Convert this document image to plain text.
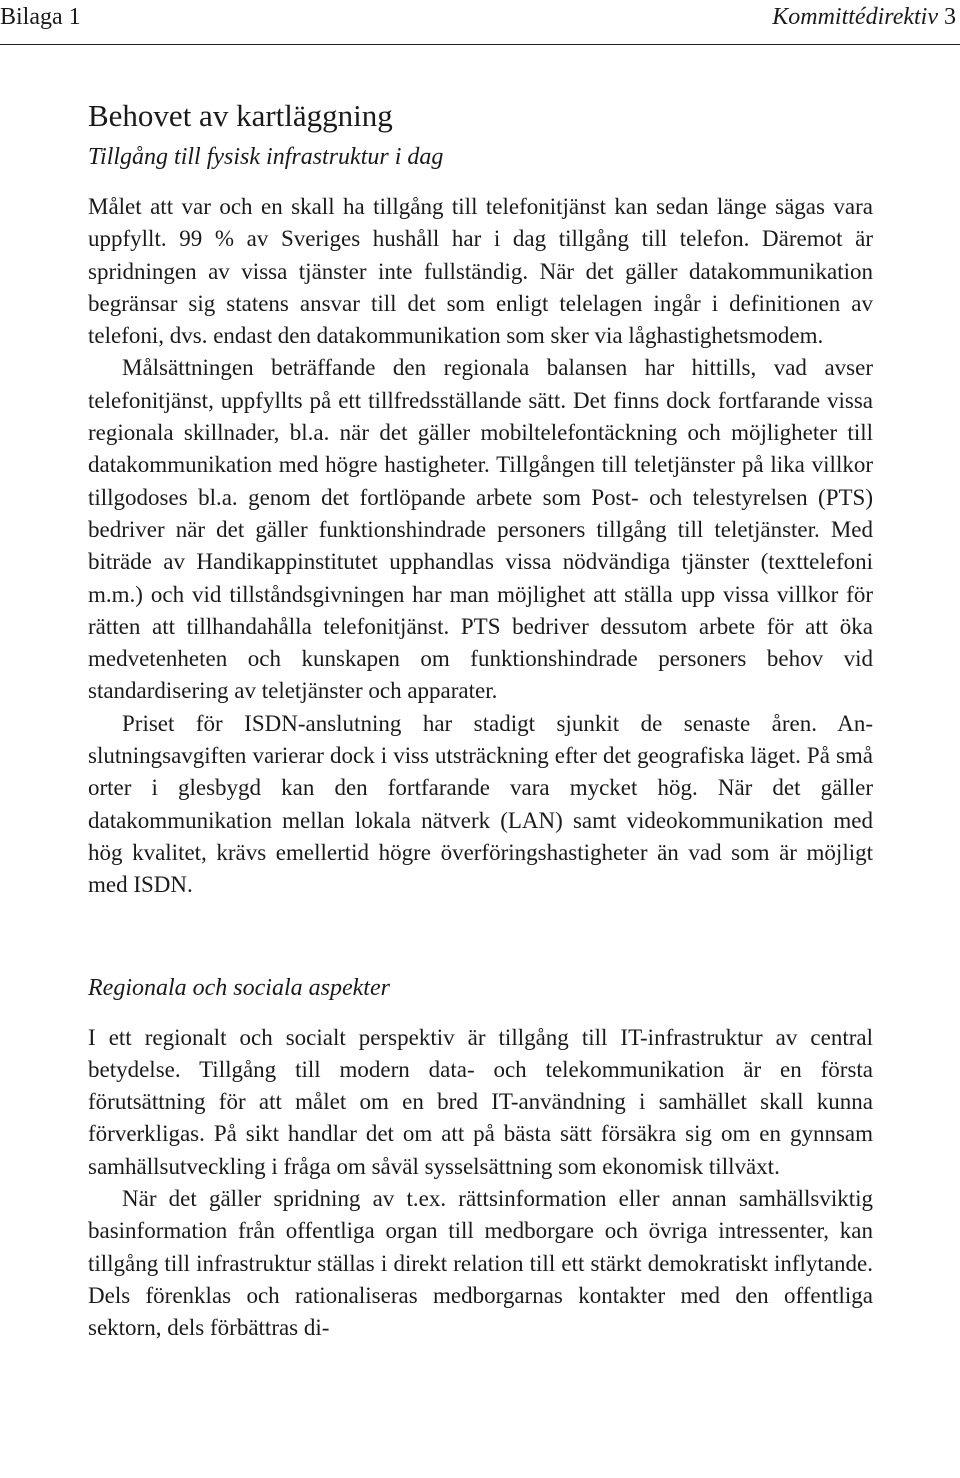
Bilaga 1	Kommittédirektiv 3
Behovet av kartläggning
Tillgång till fysisk infrastruktur i dag

Målet att var och en skall ha tillgång till telefonitjänst kan sedan länge sägas vara uppfyllt. 99 % av Sveriges hushåll har i dag tillgång till telefon. Däremot är spridningen av vissa tjänster inte fullständig. När det gäller datakommunikation begränsar sig statens ansvar till det som enligt telelagen ingår i definitionen av telefoni, dvs. endast den datakommunikation som sker via låghastighetsmodem.

Målsättningen beträffande den regionala balansen har hittills, vad avser telefonitjänst, uppfyllts på ett tillfredsställande sätt. Det finns dock fortfarande vissa regionala skillnader, bl.a. när det gäller mobiltelefontäckning och möjligheter till datakommunikation med högre hastigheter. Tillgången till teletjänster på lika villkor tillgodoses bl.a. genom det fortlöpande arbete som Post- och telestyrelsen (PTS) bedriver när det gäller funktionshindrade personers tillgång till teletjänster. Med biträde av Handikappinstitutet upphandlas vissa nödvändiga tjänster (texttelefoni m.m.) och vid tillståndsgivningen har man möjlighet att ställa upp vissa villkor för rätten att tillhandahålla telefonitjänst. PTS bedriver dessutom arbete för att öka medvetenheten och kunskapen om funktionshindrade personers behov vid standardisering av teletjänster och apparater.

Priset för ISDN-anslutning har stadigt sjunkit de senaste åren. Anslutningsavgiften varierar dock i viss utsträckning efter det geografiska läget. På små orter i glesbygd kan den fortfarande vara mycket hög. När det gäller datakommunikation mellan lokala nätverk (LAN) samt videokommunikation med hög kvalitet, krävs emellertid högre överföringshastigheter än vad som är möjligt med ISDN.

Regionala och sociala aspekter

I ett regionalt och socialt perspektiv är tillgång till IT-infrastruktur av central betydelse. Tillgång till modern data- och telekommunikation är en första förutsättning för att målet om en bred IT-användning i samhället skall kunna förverkligas. På sikt handlar det om att på bästa sätt försäkra sig om en gynnsam samhällsutveckling i fråga om såväl sysselsättning som ekonomisk tillväxt.

När det gäller spridning av t.ex. rättsinformation eller annan samhällsviktig basinformation från offentliga organ till medborgare och övriga intressenter, kan tillgång till infrastruktur ställas i direkt relation till ett stärkt demokratiskt inflytande. Dels förenklas och rationaliseras medborgarnas kontakter med den offentliga sektorn, dels förbättras di-
